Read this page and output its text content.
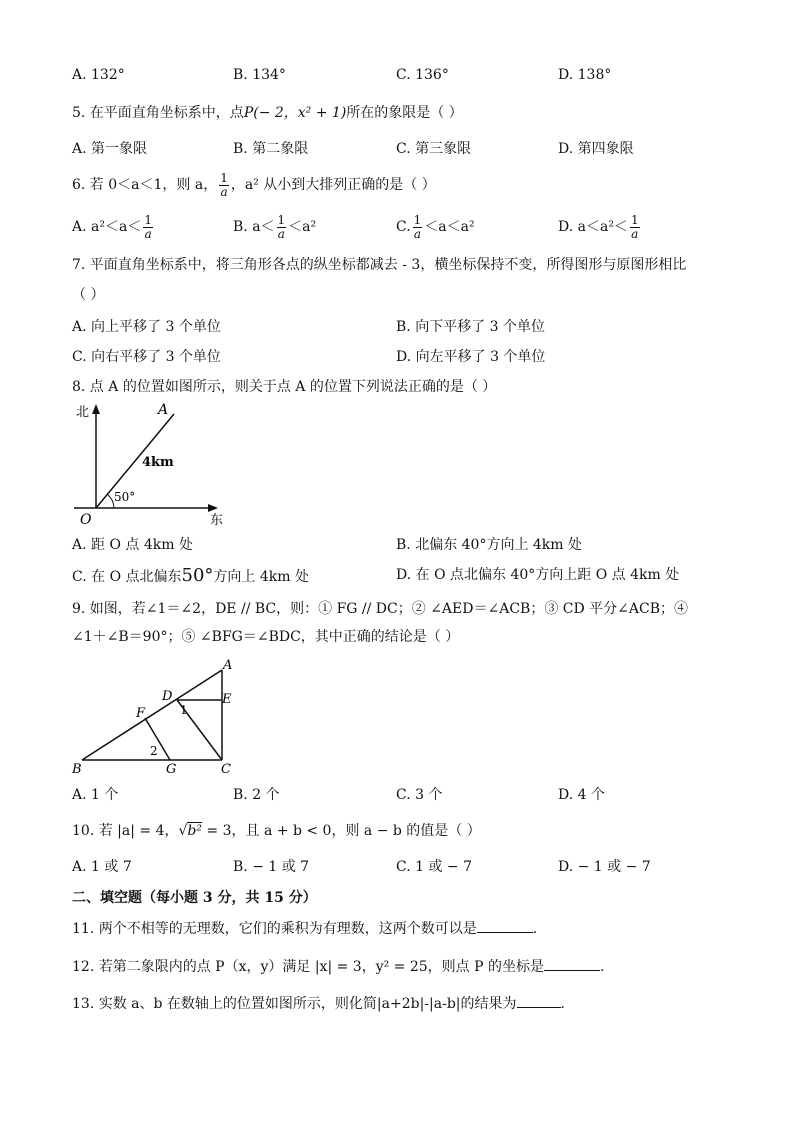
A. 132°	B. 134°	C. 136°	D. 138°
5. 在平面直角坐标系中，点P(− 2，x² + 1)所在的象限是（ ）
A. 第一象限	B. 第二象限	C. 第三象限	D. 第四象限
6. 若 0＜a＜1，则 a， $\frac{1}{a}$ ，a² 从小到大排列正确的是（ ）
A. $a^2<a< \frac{1}{a}$	B. $a< \frac{1}{a} <a^2$	C. $\frac{1}{a} <a<a^2$	D. $a<a^2< \frac{1}{a}$
7. 平面直角坐标系中，将三角形各点的纵坐标都减去 - 3，横坐标保持不变，所得图形与原图形相比
（ ）
A. 向上平移了 3 个单位	B. 向下平移了 3 个单位
C. 向右平移了 3 个单位	D. 向左平移了 3 个单位
8. 点 A 的位置如图所示，则关于点 A 的位置下列说法正确的是（ ）
北
东
O
A
4km
50°
A. 距 O 点 4km 处	B. 北偏东 40°方向上 4km 处
C. 在 O 点北偏东50°方向上 4km 处	D. 在 O 点北偏东 40°方向上距 O 点 4km 处
9. 如图，若∠1＝∠2，DE // BC，则：① FG // DC；② ∠AED＝∠ACB；③ CD 平分∠ACB；④
∠1＋∠B＝90°；⑤ ∠BFG＝∠BDC，其中正确的结论是（ ）
A
B	C
D	E
F
G
1
2
A. 1 个	B. 2 个	C. 3 个	D. 4 个
10. 若 |a| = 4，√b² = 3，且 a + b < 0，则 a − b 的值是（ ）
A. 1 或 7	B. − 1 或 7	C. 1 或 − 7	D. − 1 或 − 7
二、填空题（每小题 3 分，共 15 分）
11. 两个不相等的无理数，它们的乘积为有理数，这两个数可以是	.
12. 若第二象限内的点 P（x，y）满足 |x| = 3，y² = 25，则点 P 的坐标是	.
13. 实数 a、b 在数轴上的位置如图所示，则化简|a+2b|-|a-b|的结果为	.
